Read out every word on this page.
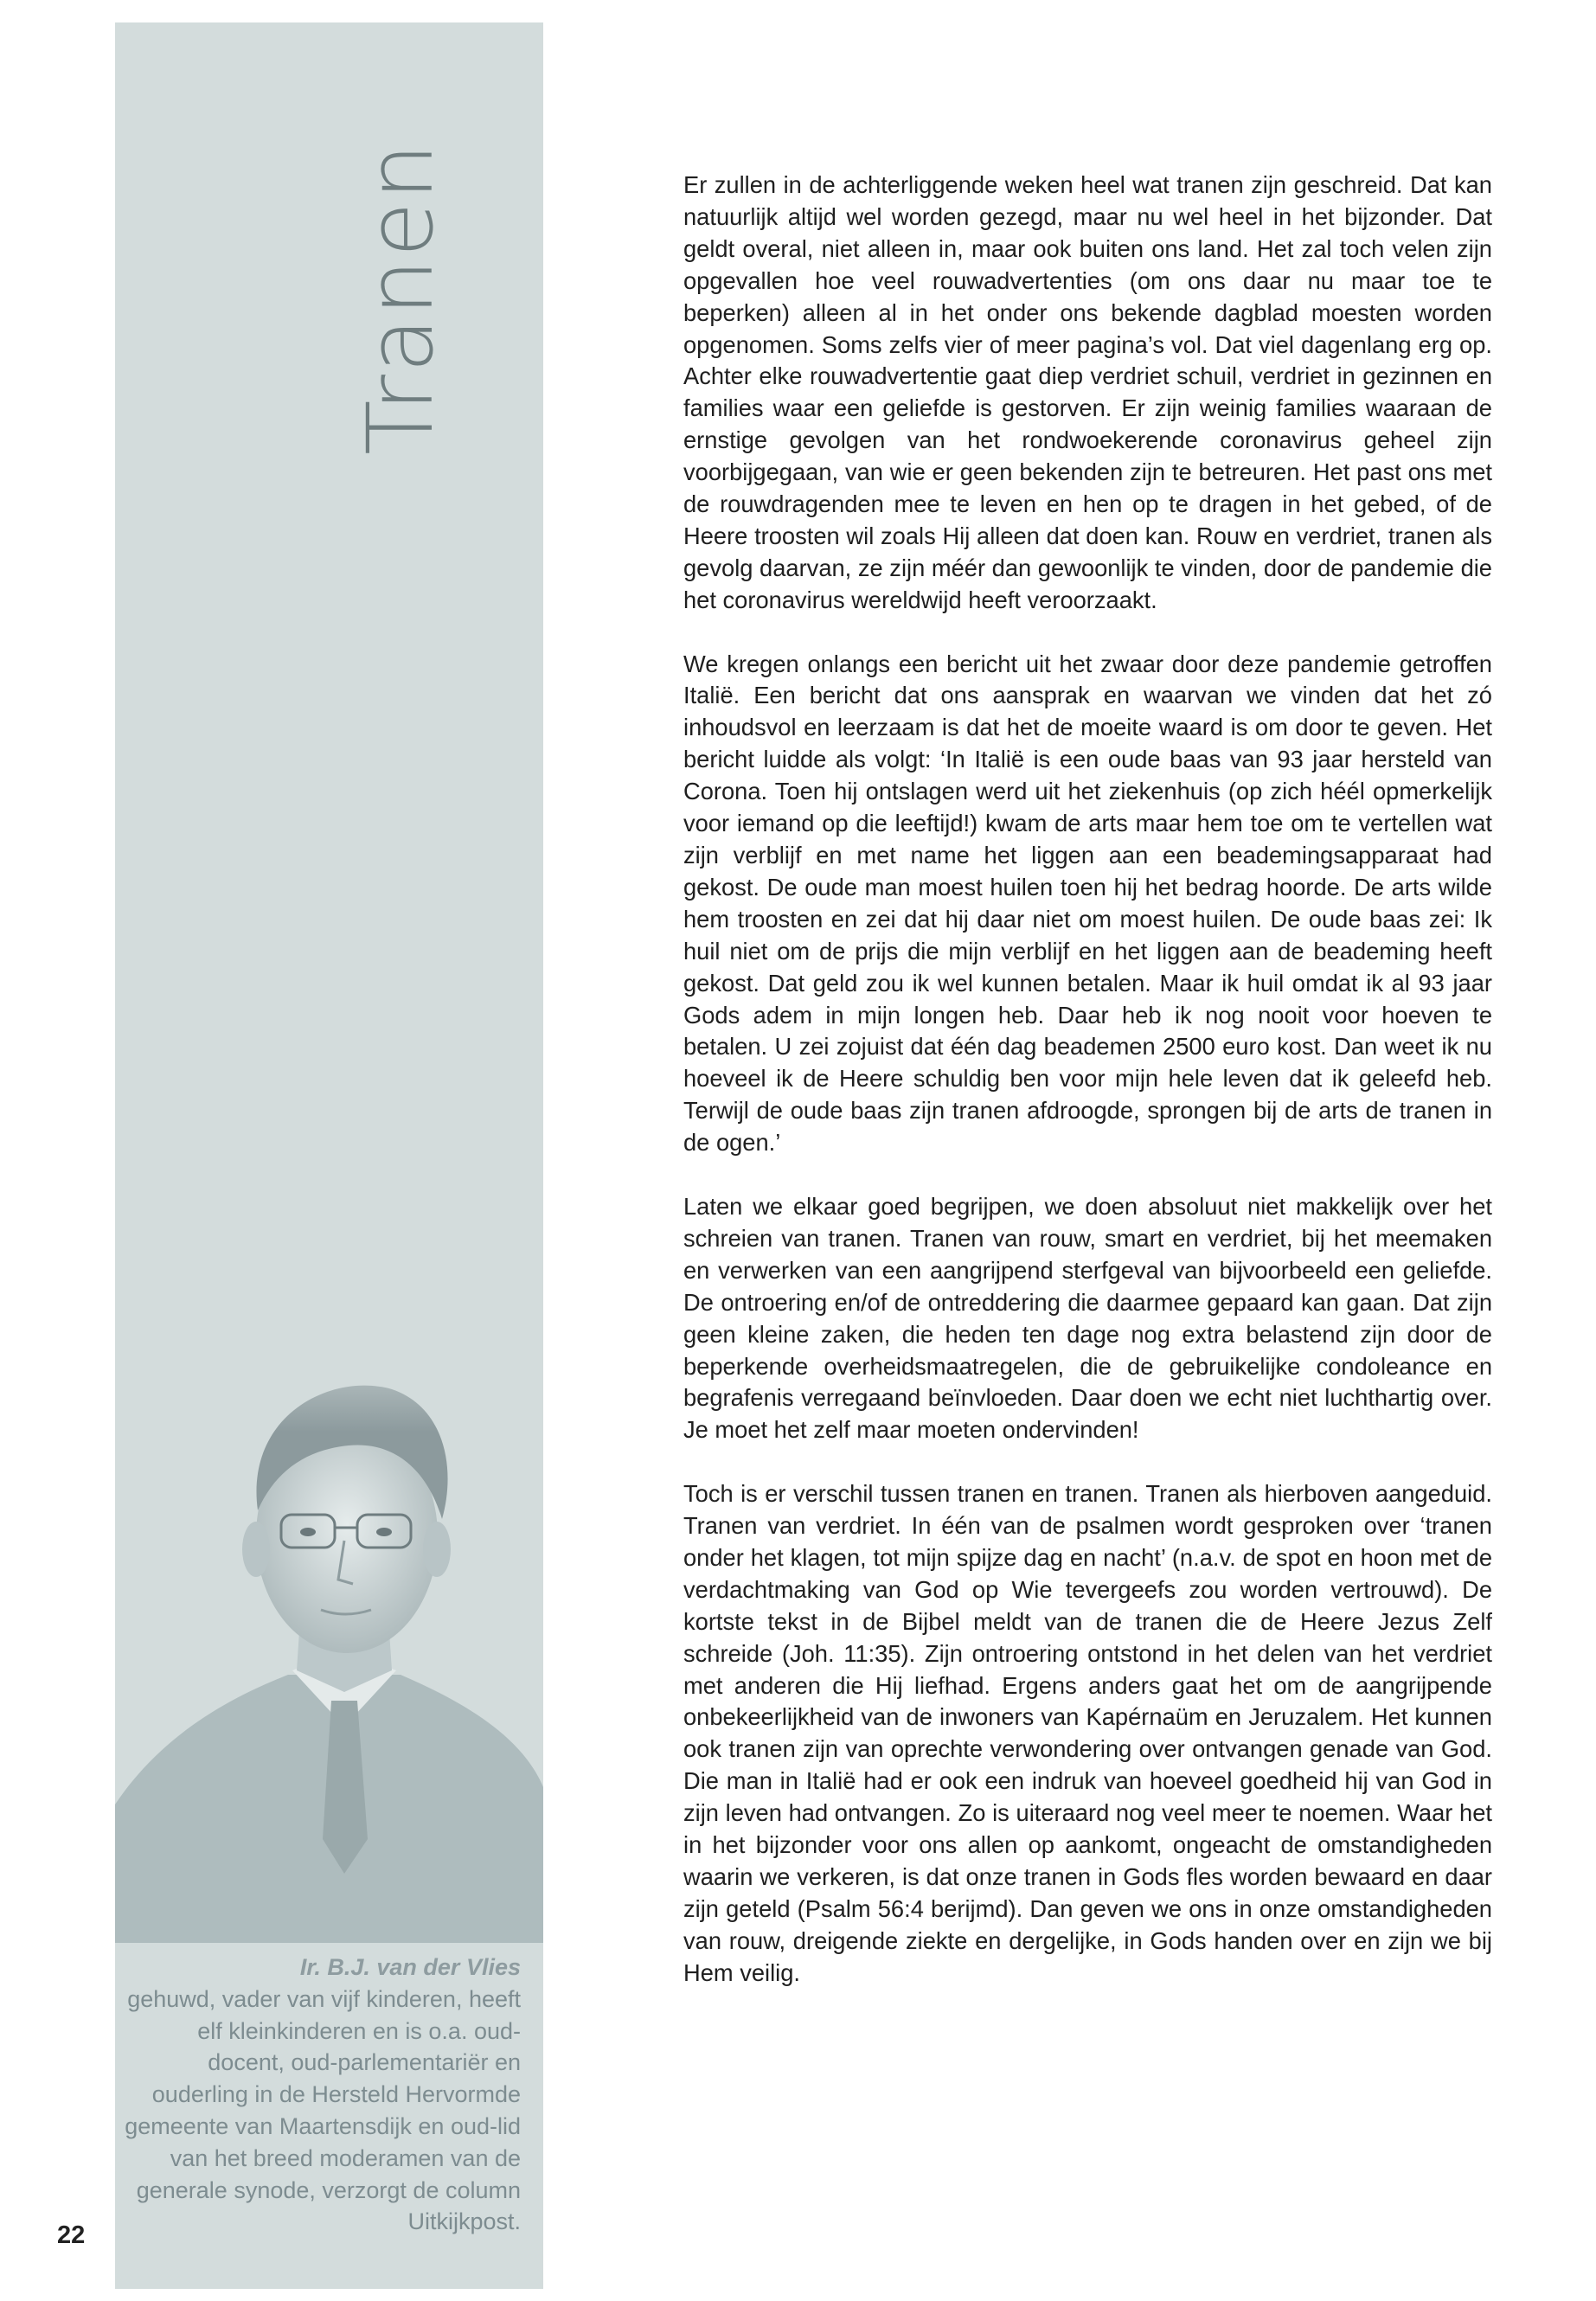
Tranen
Ir. B.J. van der Vlies
gehuwd, vader van vijf kinderen, heeft elf kleinkinderen en is o.a. oud-docent, oud-parlementariër en ouderling in de Hersteld Hervormde gemeente van Maartensdijk en oud-lid van het breed moderamen van de generale synode, verzorgt de column Uitkijkpost.
22

Er zullen in de achterliggende weken heel wat tranen zijn geschreid. Dat kan natuurlijk altijd wel worden gezegd, maar nu wel heel in het bijzonder. Dat geldt overal, niet alleen in, maar ook buiten ons land. Het zal toch velen zijn opgevallen hoe veel rouwadvertenties (om ons daar nu maar toe te beperken) alleen al in het onder ons bekende dagblad moesten worden opgenomen. Soms zelfs vier of meer pagina’s vol. Dat viel dagenlang erg op. Achter elke rouwadvertentie gaat diep verdriet schuil, verdriet in gezinnen en families waar een geliefde is gestorven. Er zijn weinig families waaraan de ernstige gevolgen van het rondwoekerende coronavirus geheel zijn voorbijgegaan, van wie er geen bekenden zijn te betreuren. Het past ons met de rouwdragenden mee te leven en hen op te dragen in het gebed, of de Heere troosten wil zoals Hij alleen dat doen kan. Rouw en verdriet, tranen als gevolg daarvan, ze zijn méér dan gewoonlijk te vinden, door de pandemie die het coronavirus wereldwijd heeft veroorzaakt.

We kregen onlangs een bericht uit het zwaar door deze pandemie getroffen Italië. Een bericht dat ons aansprak en waarvan we vinden dat het zó inhoudsvol en leerzaam is dat het de moeite waard is om door te geven. Het bericht luidde als volgt: ‘In Italië is een oude baas van 93 jaar hersteld van Corona. Toen hij ontslagen werd uit het ziekenhuis (op zich héél opmerkelijk voor iemand op die leeftijd!) kwam de arts maar hem toe om te vertellen wat zijn verblijf en met name het liggen aan een beademingsapparaat had gekost. De oude man moest huilen toen hij het bedrag hoorde. De arts wilde hem troosten en zei dat hij daar niet om moest huilen. De oude baas zei: Ik huil niet om de prijs die mijn verblijf en het liggen aan de beademing heeft gekost. Dat geld zou ik wel kunnen betalen. Maar ik huil omdat ik al 93 jaar Gods adem in mijn longen heb. Daar heb ik nog nooit voor hoeven te betalen. U zei zojuist dat één dag beademen 2500 euro kost. Dan weet ik nu hoeveel ik de Heere schuldig ben voor mijn hele leven dat ik geleefd heb. Terwijl de oude baas zijn tranen afdroogde, sprongen bij de arts de tranen in de ogen.’

Laten we elkaar goed begrijpen, we doen absoluut niet makkelijk over het schreien van tranen. Tranen van rouw, smart en verdriet, bij het meemaken en verwerken van een aangrijpend sterfgeval van bijvoorbeeld een geliefde. De ontroering en/of de ontreddering die daarmee gepaard kan gaan. Dat zijn geen kleine zaken, die heden ten dage nog extra belastend zijn door de beperkende overheidsmaatregelen, die de gebruikelijke condoleance en begrafenis verregaand beïnvloeden. Daar doen we echt niet luchthartig over. Je moet het zelf maar moeten ondervinden!

Toch is er verschil tussen tranen en tranen. Tranen als hierboven aangeduid. Tranen van verdriet. In één van de psalmen wordt gesproken over ‘tranen onder het klagen, tot mijn spijze dag en nacht’ (n.a.v. de spot en hoon met de verdachtmaking van God op Wie tevergeefs zou worden vertrouwd). De kortste tekst in de Bijbel meldt van de tranen die de Heere Jezus Zelf schreide (Joh. 11:35). Zijn ontroering ontstond in het delen van het verdriet met anderen die Hij liefhad. Ergens anders gaat het om de aangrijpende onbekeerlijkheid van de inwoners van Kapérnaüm en Jeruzalem. Het kunnen ook tranen zijn van oprechte verwondering over ontvangen genade van God. Die man in Italië had er ook een indruk van hoeveel goedheid hij van God in zijn leven had ontvangen. Zo is uiteraard nog veel meer te noemen. Waar het in het bijzonder voor ons allen op aankomt, ongeacht de omstandigheden waarin we verkeren, is dat onze tranen in Gods fles worden bewaard en daar zijn geteld (Psalm 56:4 berijmd). Dan geven we ons in onze omstandigheden van rouw, dreigende ziekte en dergelijke, in Gods handen over en zijn we bij Hem veilig.
